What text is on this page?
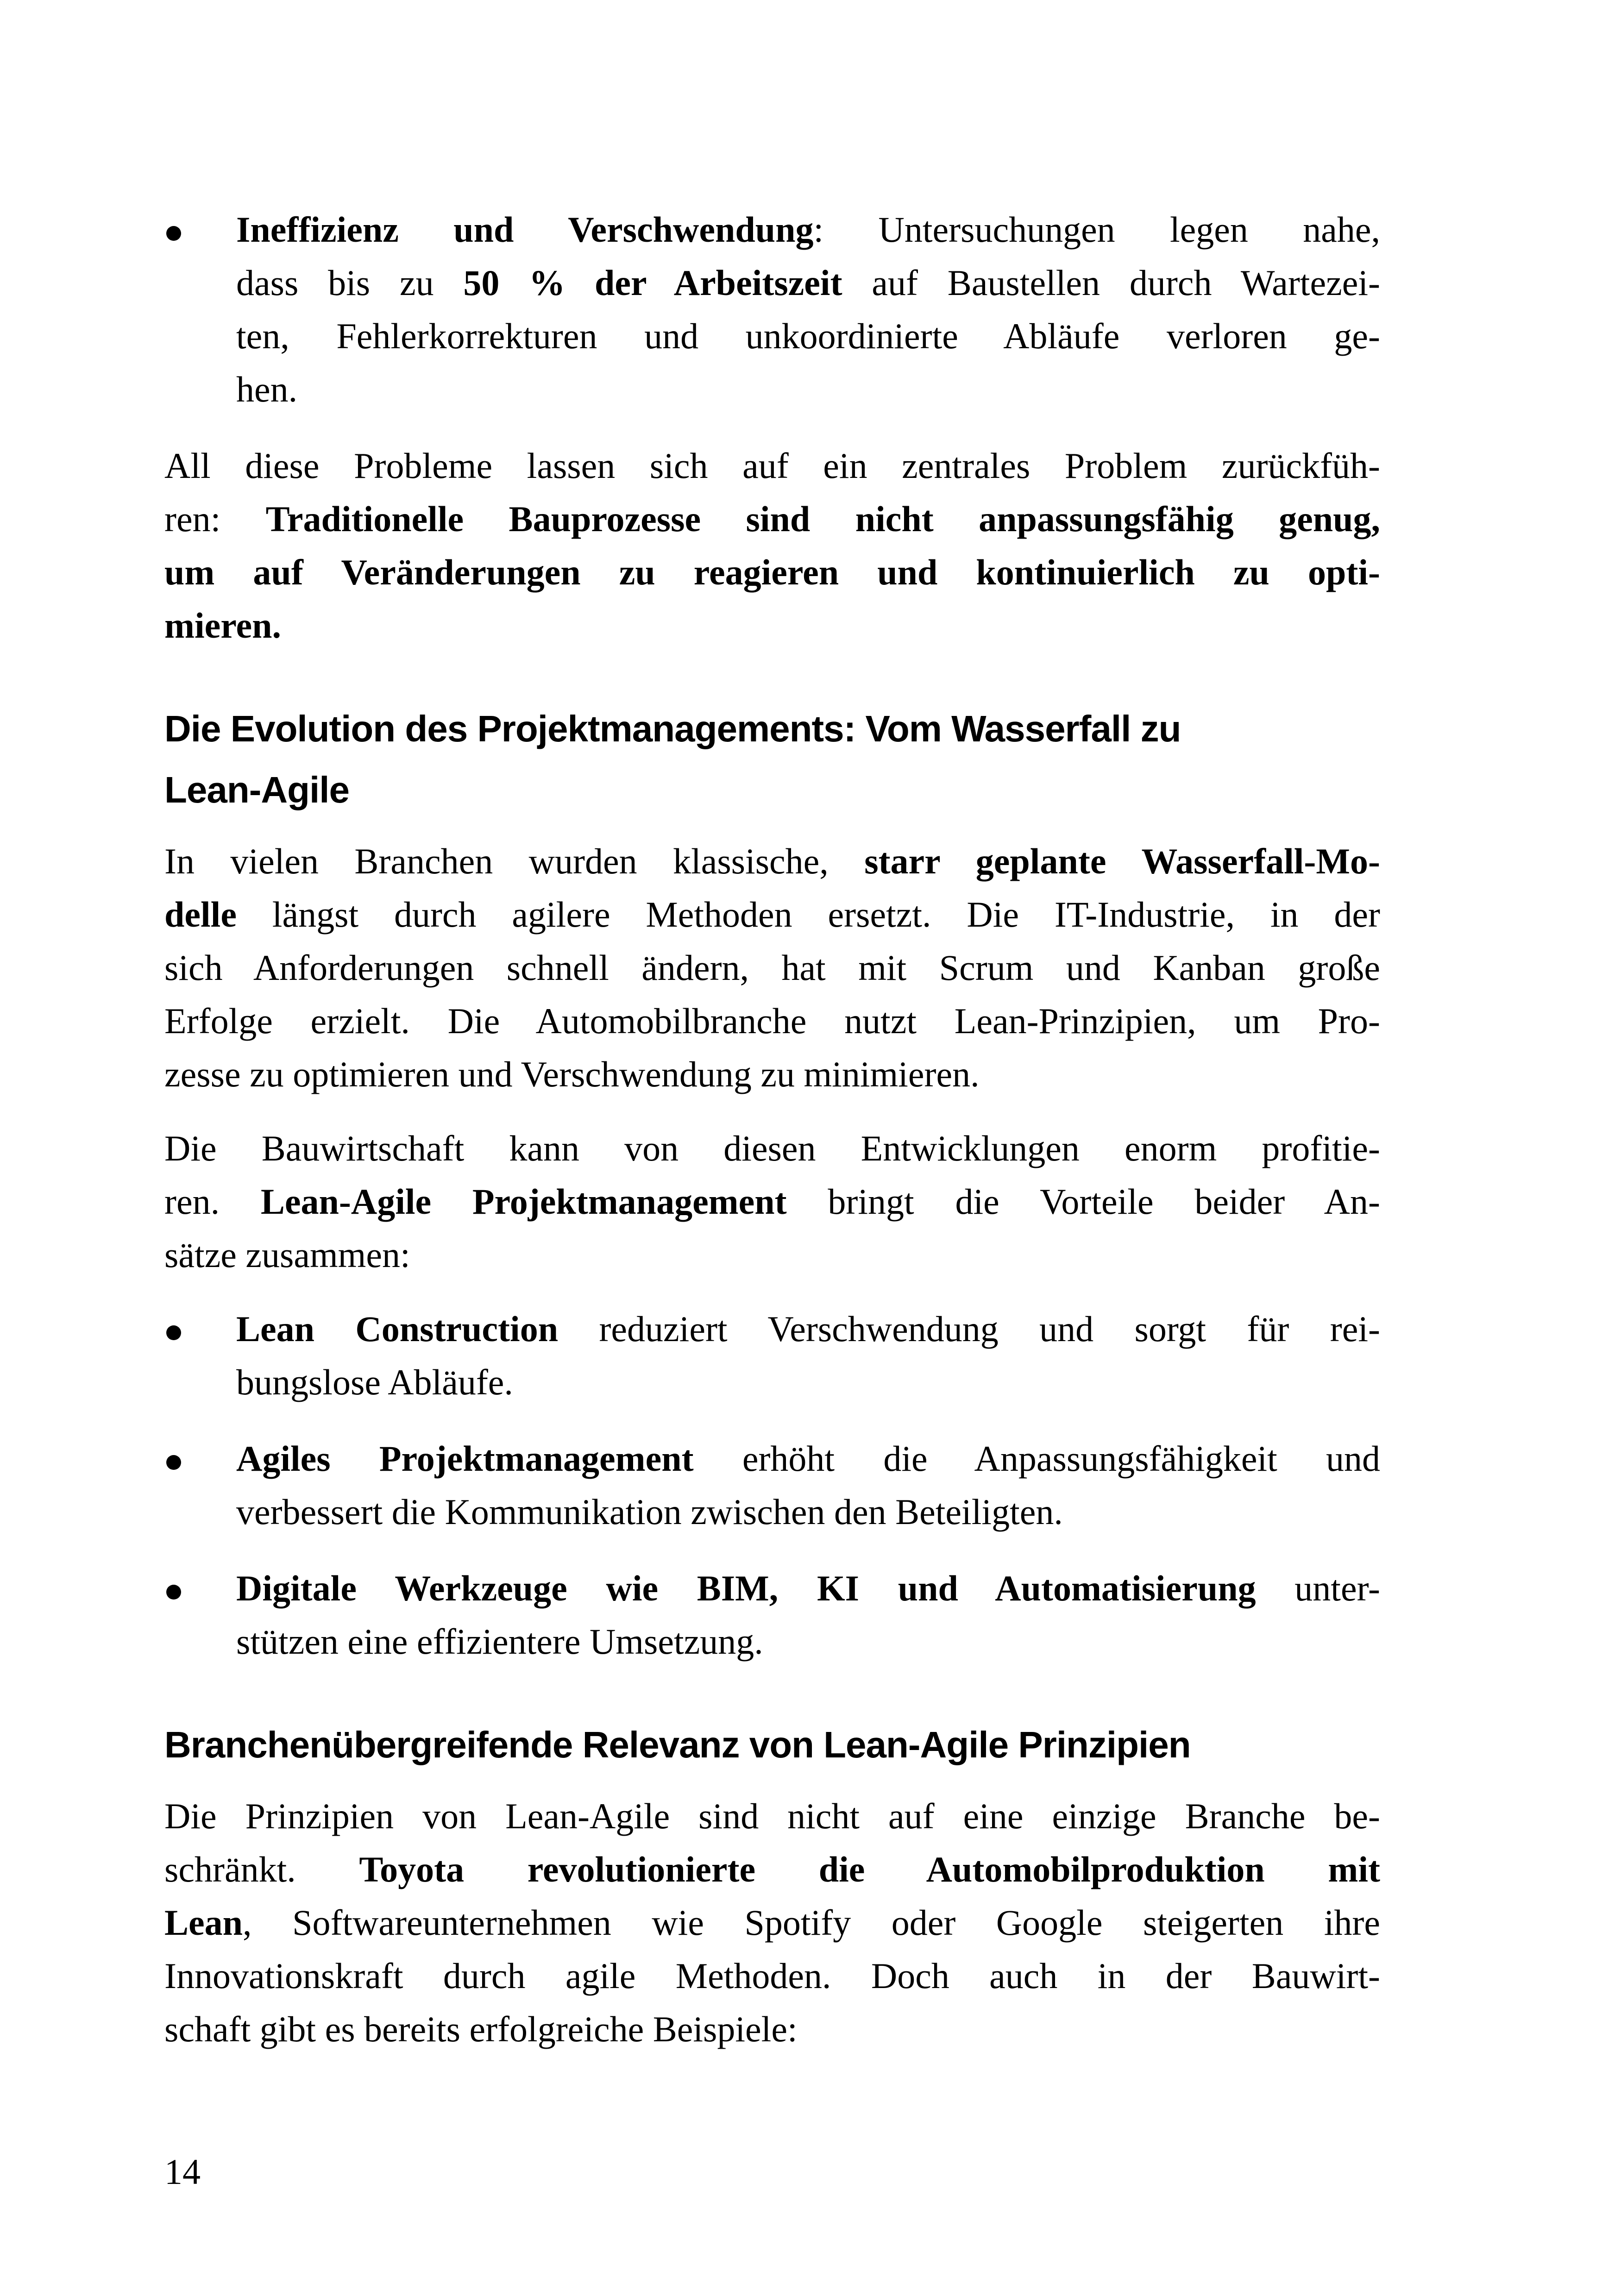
Ineffizienz und Verschwendung: Untersuchungen legen nahe,
dass bis zu 50 % der Arbeitszeit auf Baustellen durch Wartezei-
ten, Fehlerkorrekturen und unkoordinierte Abläufe verloren ge-
hen.
All diese Probleme lassen sich auf ein zentrales Problem zurückfüh-
ren: Traditionelle Bauprozesse sind nicht anpassungsfähig genug,
um auf Veränderungen zu reagieren und kontinuierlich zu opti-
mieren.
Die Evolution des Projektmanagements: Vom Wasserfall zu
Lean-Agile
In vielen Branchen wurden klassische, starr geplante Wasserfall-Mo-
delle längst durch agilere Methoden ersetzt. Die IT-Industrie, in der
sich Anforderungen schnell ändern, hat mit Scrum und Kanban große
Erfolge erzielt. Die Automobilbranche nutzt Lean-Prinzipien, um Pro-
zesse zu optimieren und Verschwendung zu minimieren.
Die Bauwirtschaft kann von diesen Entwicklungen enorm profitie-
ren. Lean-Agile Projektmanagement bringt die Vorteile beider An-
sätze zusammen:
Lean Construction reduziert Verschwendung und sorgt für rei-
bungslose Abläufe.
Agiles Projektmanagement erhöht die Anpassungsfähigkeit und
verbessert die Kommunikation zwischen den Beteiligten.
Digitale Werkzeuge wie BIM, KI und Automatisierung unter-
stützen eine effizientere Umsetzung.
Branchenübergreifende Relevanz von Lean-Agile Prinzipien
Die Prinzipien von Lean-Agile sind nicht auf eine einzige Branche be-
schränkt. Toyota revolutionierte die Automobilproduktion mit
Lean, Softwareunternehmen wie Spotify oder Google steigerten ihre
Innovationskraft durch agile Methoden. Doch auch in der Bauwirt-
schaft gibt es bereits erfolgreiche Beispiele:
14
